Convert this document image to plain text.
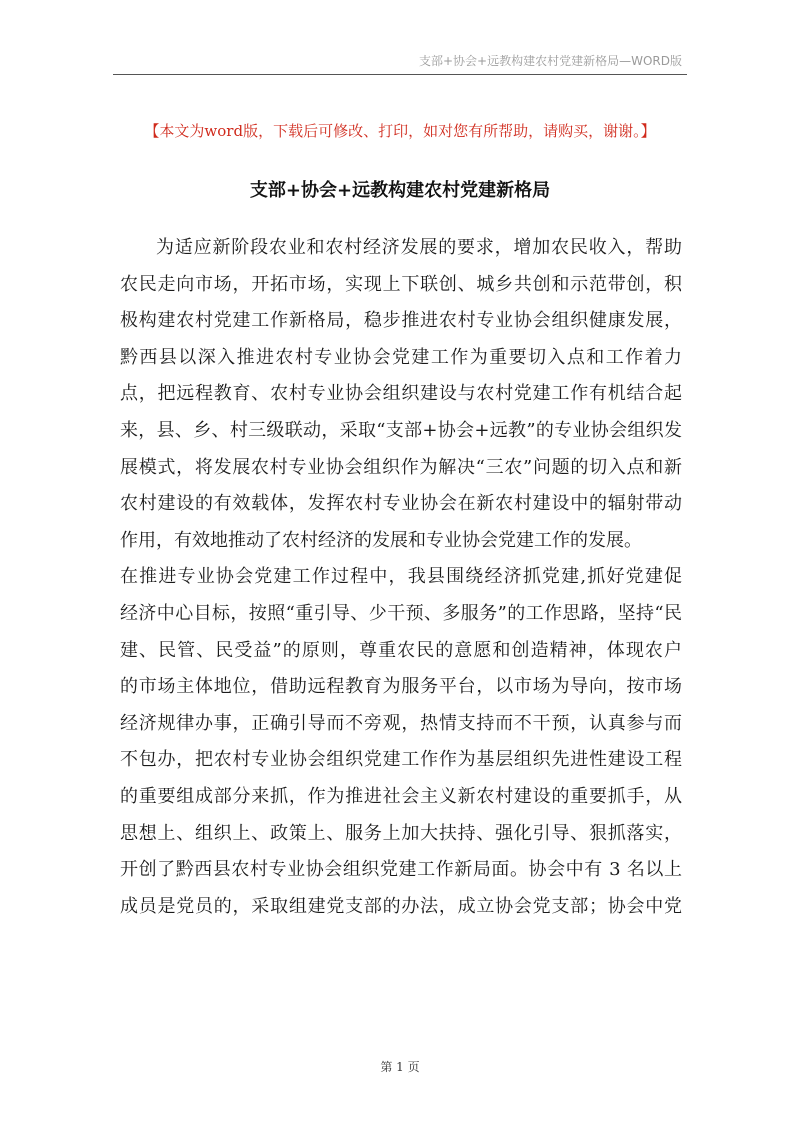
支部+协会+远教构建农村党建新格局—WORD版
【本文为word版，下载后可修改、打印，如对您有所帮助，请购买，谢谢。】
支部+协会+远教构建农村党建新格局
为适应新阶段农业和农村经济发展的要求，增加农民收入，帮助
农民走向市场，开拓市场，实现上下联创、城乡共创和示范带创，积
极构建农村党建工作新格局，稳步推进农村专业协会组织健康发展，
黔西县以深入推进农村专业协会党建工作为重要切入点和工作着力
点，把远程教育、农村专业协会组织建设与农村党建工作有机结合起
来，县、乡、村三级联动，采取“支部+协会+远教”的专业协会组织发
展模式，将发展农村专业协会组织作为解决“三农”问题的切入点和新
农村建设的有效载体，发挥农村专业协会在新农村建设中的辐射带动
作用，有效地推动了农村经济的发展和专业协会党建工作的发展。
在推进专业协会党建工作过程中，我县围绕经济抓党建,抓好党建促
经济中心目标，按照“重引导、少干预、多服务”的工作思路，坚持“民
建、民管、民受益”的原则，尊重农民的意愿和创造精神，体现农户
的市场主体地位，借助远程教育为服务平台，以市场为导向，按市场
经济规律办事，正确引导而不旁观，热情支持而不干预，认真参与而
不包办，把农村专业协会组织党建工作作为基层组织先进性建设工程
的重要组成部分来抓，作为推进社会主义新农村建设的重要抓手，从
思想上、组织上、政策上、服务上加大扶持、强化引导、狠抓落实，
开创了黔西县农村专业协会组织党建工作新局面。协会中有 3 名以上
成员是党员的，采取组建党支部的办法，成立协会党支部；协会中党
第 1 页
